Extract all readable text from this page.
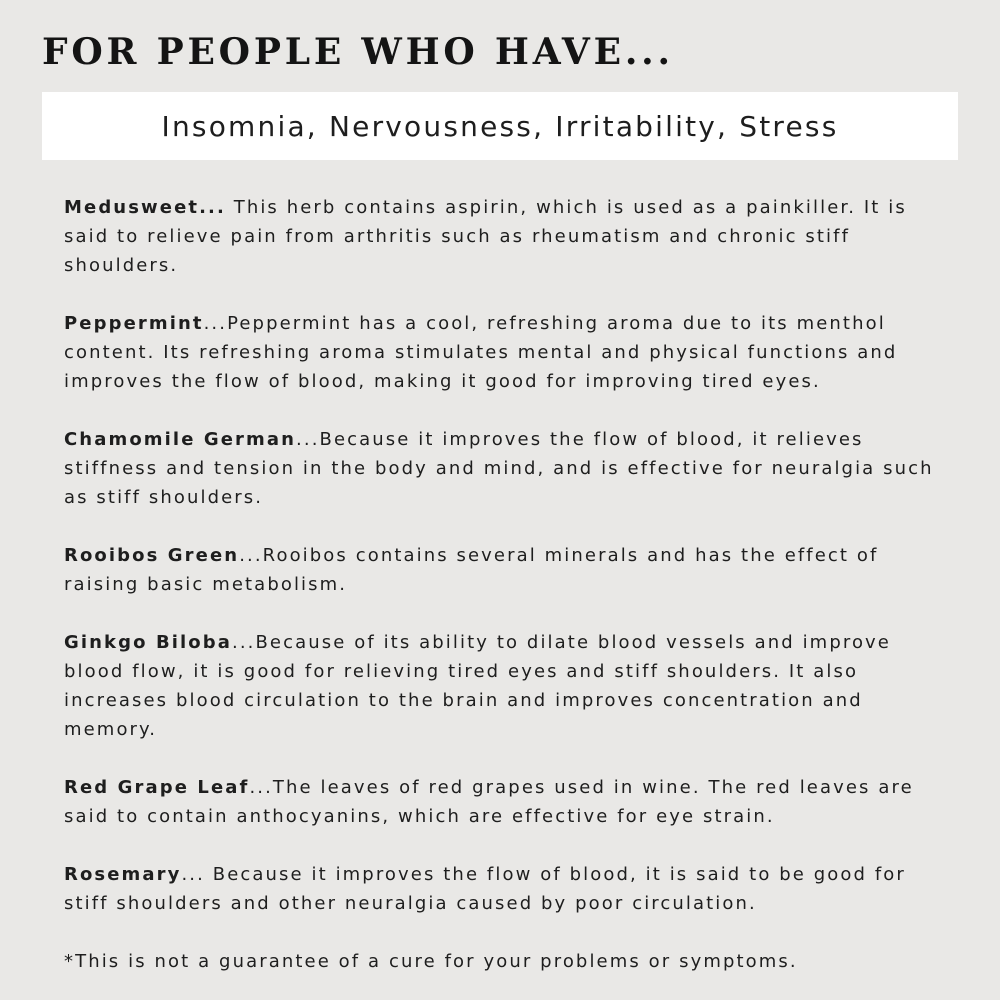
FOR PEOPLE WHO HAVE...
Insomnia, Nervousness, Irritability, Stress

Medusweet... This herb contains aspirin, which is used as a painkiller. It is said to relieve pain from arthritis such as rheumatism and chronic stiff shoulders.

Peppermint...Peppermint has a cool, refreshing aroma due to its menthol content. Its refreshing aroma stimulates mental and physical functions and improves the flow of blood, making it good for improving tired eyes.

Chamomile German...Because it improves the flow of blood, it relieves stiffness and tension in the body and mind, and is effective for neuralgia such as stiff shoulders.

Rooibos Green...Rooibos contains several minerals and has the effect of raising basic metabolism.

Ginkgo Biloba...Because of its ability to dilate blood vessels and improve blood flow, it is good for relieving tired eyes and stiff shoulders. It also increases blood circulation to the brain and improves concentration and memory.

Red Grape Leaf...The leaves of red grapes used in wine. The red leaves are said to contain anthocyanins, which are effective for eye strain.

Rosemary... Because it improves the flow of blood, it is said to be good for stiff shoulders and other neuralgia caused by poor circulation.

*This is not a guarantee of a cure for your problems or symptoms.
